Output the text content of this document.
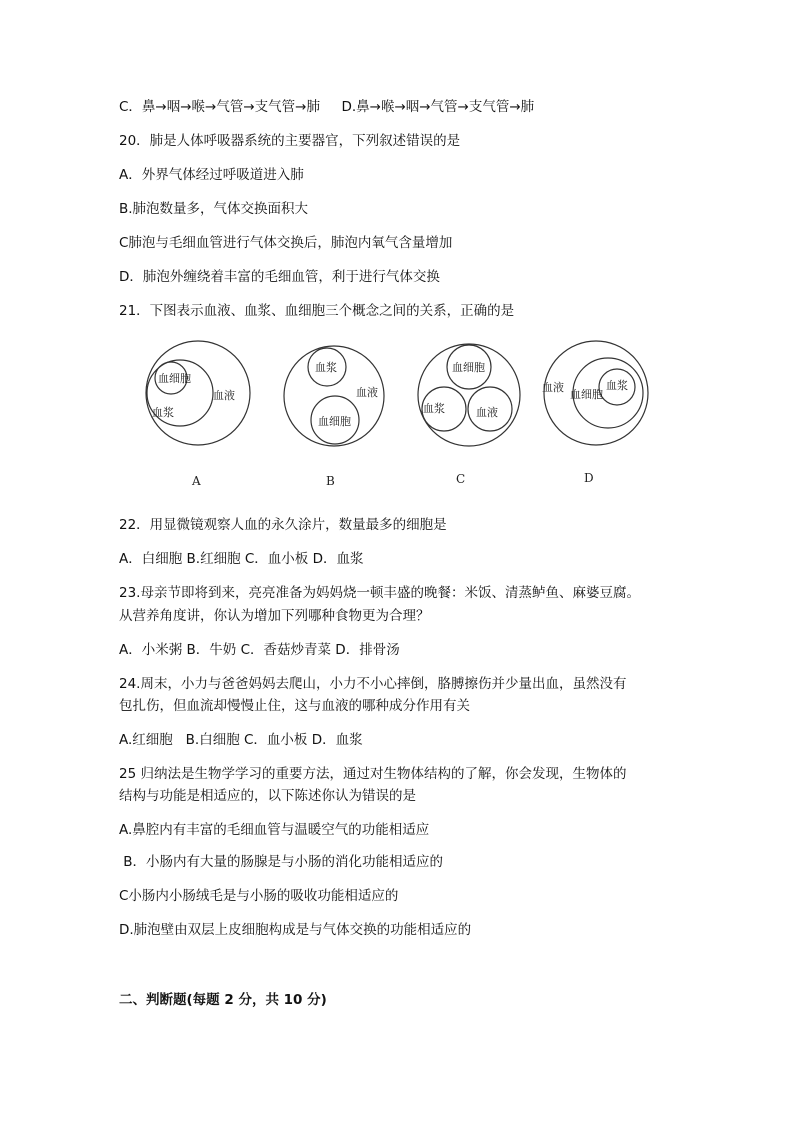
C．鼻→咽→喉→气管→支气管→肺     D.鼻→喉→咽→气管→支气管→肺
20．肺是人体呼吸器系统的主要器官，下列叙述错误的是
A．外界气体经过呼吸道进入肺
B.肺泡数量多，气体交换面积大
C肺泡与毛细血管进行气体交换后，肺泡内氧气含量增加
D．肺泡外缠绕着丰富的毛细血管，利于进行气体交换
21．下图表示血液、血浆、血细胞三个概念之间的关系，正确的是
血细胞
血液
血浆
A
血浆
血液
血细胞
B
血细胞
血浆	血液
C
血液
血细胞
血浆
D
22．用显微镜观察人血的永久涂片，数量最多的细胞是
A．白细胞 B.红细胞 C．血小板 D．血浆
23.母亲节即将到来，亮亮准备为妈妈烧一顿丰盛的晚餐：米饭、清蒸鲈鱼、麻婆豆腐。
从营养角度讲，你认为增加下列哪种食物更为合理？
A．小米粥 B．牛奶 C．香菇炒青菜 D．排骨汤
24.周末，小力与爸爸妈妈去爬山，小力不小心摔倒，胳膊擦伤并少量出血，虽然没有
包扎伤，但血流却慢慢止住，这与血液的哪种成分作用有关
A.红细胞   B.白细胞 C．血小板 D．血浆
25 归纳法是生物学学习的重要方法，通过对生物体结构的了解，你会发现，生物体的
结构与功能是相适应的，以下陈述你认为错误的是
A.鼻腔内有丰富的毛细血管与温暖空气的功能相适应
B．小肠内有大量的肠腺是与小肠的消化功能相适应的
C小肠内小肠绒毛是与小肠的吸收功能相适应的
D.肺泡壁由双层上皮细胞构成是与气体交换的功能相适应的
二、判断题(每题 2 分，共 10 分)
